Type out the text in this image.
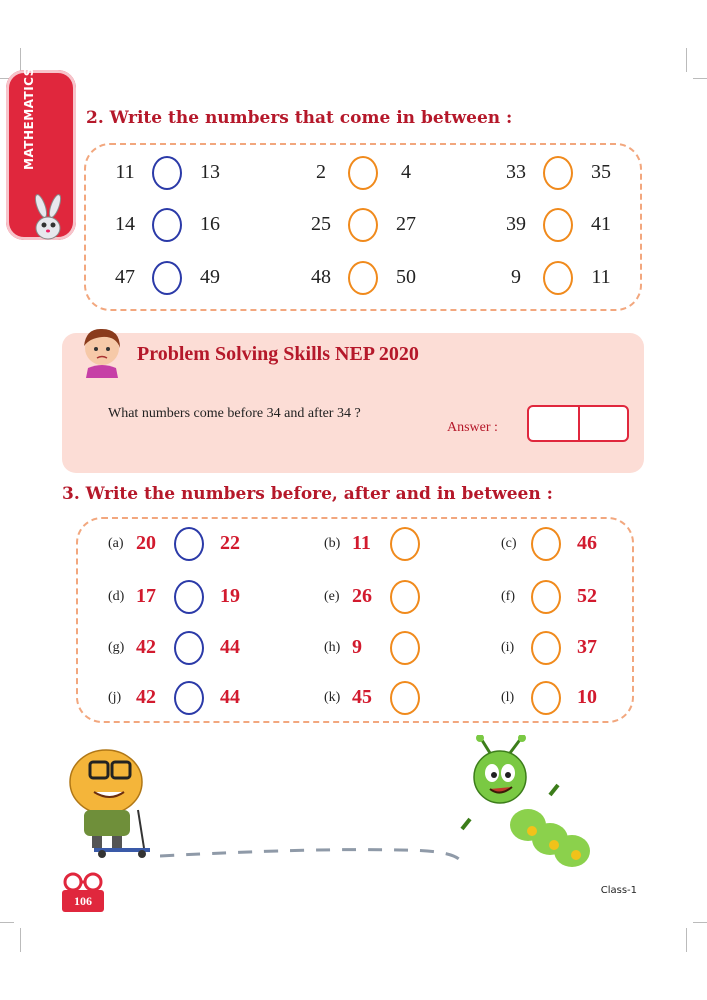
MATHEMATICS	2. Write the numbers that come in between :
11	13	2	4	33	35
14	16	25	27	39	41
47	49	48	50	9	11
Problem Solving Skills NEP 2020
What numbers come before 34 and after 34 ?
Answer :
3. Write the numbers before, after and in between :
(a) 20	22	(b) 11	(c)	46
(d) 17	19	(e) 26	(f)	52
(g) 42	44	(h) 9	(i)	37
(j) 42	44	(k) 45	(l)	10
106
Class-1
